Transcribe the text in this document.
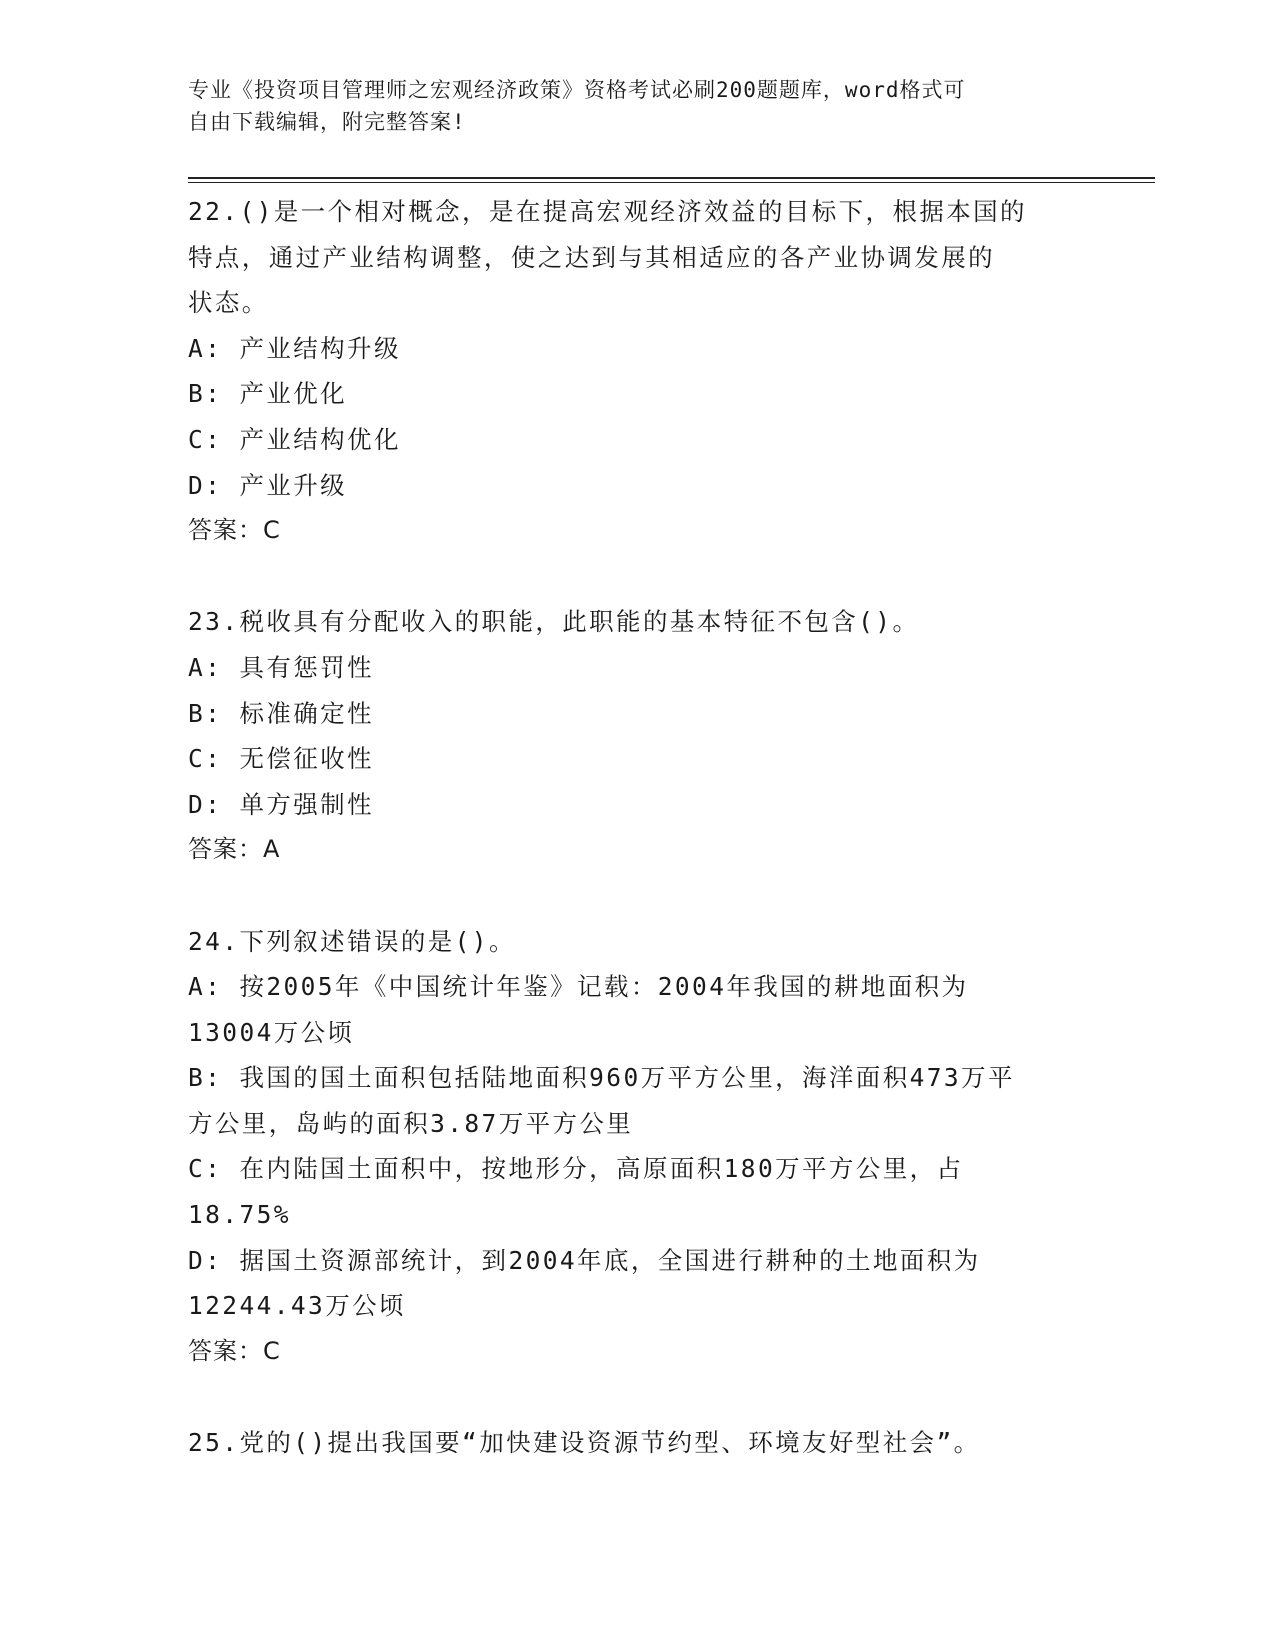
专业《投资项目管理师之宏观经济政策》资格考试必刷200题题库，word格式可
自由下载编辑，附完整答案!

22.()是一个相对概念，是在提高宏观经济效益的目标下，根据本国的

特点，通过产业结构调整，使之达到与其相适应的各产业协调发展的

状态。

A: 产业结构升级

B: 产业优化

C: 产业结构优化

D: 产业升级

答案：C

23.税收具有分配收入的职能，此职能的基本特征不包含()。

A: 具有惩罚性

B: 标准确定性

C: 无偿征收性

D: 单方强制性

答案：A

24.下列叙述错误的是()。

A: 按2005年《中国统计年鉴》记载：2004年我国的耕地面积为

13004万公顷

B: 我国的国土面积包括陆地面积960万平方公里，海洋面积473万平

方公里，岛屿的面积3.87万平方公里

C: 在内陆国土面积中，按地形分，高原面积180万平方公里，占

18.75%

D: 据国土资源部统计，到2004年底，全国进行耕种的土地面积为

12244.43万公顷

答案：C

25.党的()提出我国要“加快建设资源节约型、环境友好型社会”。
